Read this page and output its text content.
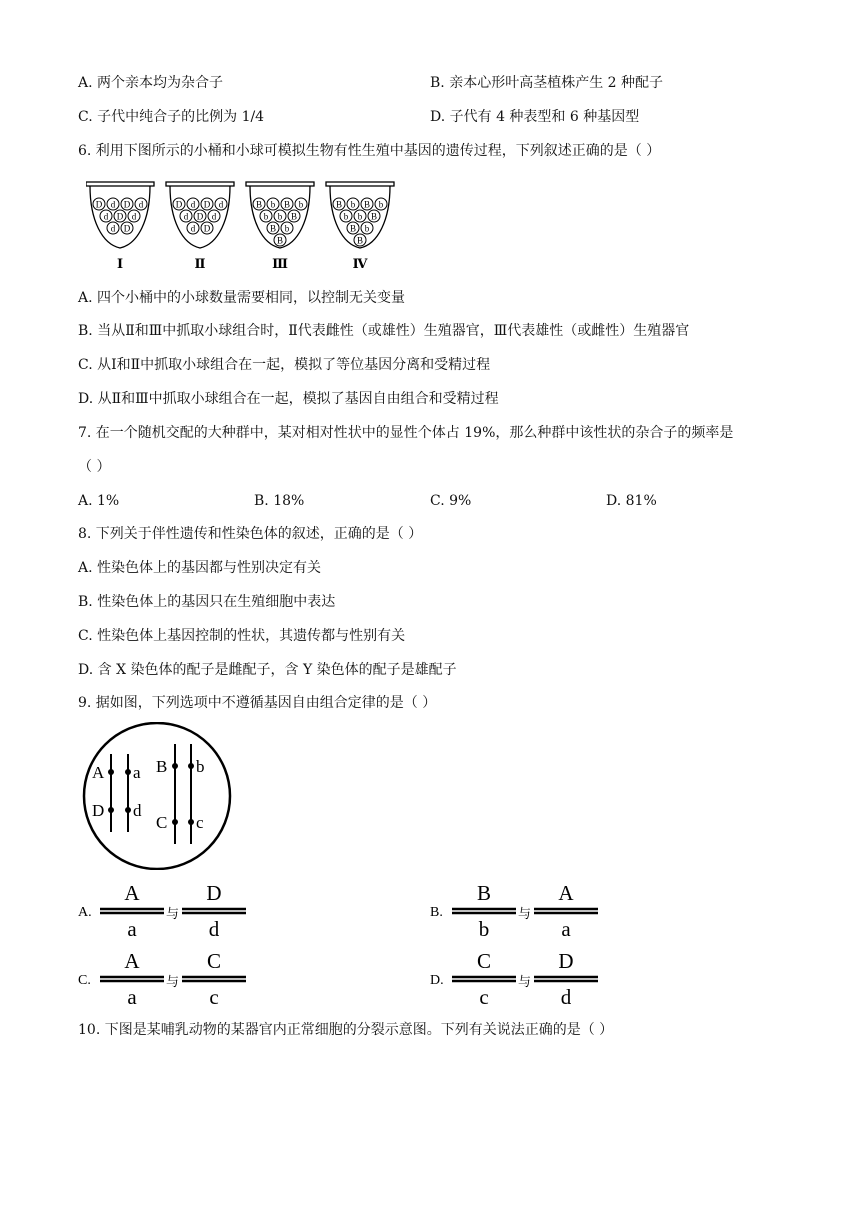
A. 两个亲本均为杂合子	B. 亲本心形叶高茎植株产生 2 种配子
C. 子代中纯合子的比例为 1/4	D. 子代有 4 种表型和 6 种基因型
6. 利用下图所示的小桶和小球可模拟生物有性生殖中基因的遗传过程，下列叙述正确的是（ ）
D d D d
d D d
d D
Ⅰ
D d D d
d D d
d D
Ⅱ
B b B b
b b B
B b
B
Ⅲ
B b B b
b b B
B b
B
Ⅳ
A. 四个小桶中的小球数量需要相同，以控制无关变量
B. 当从Ⅱ和Ⅲ中抓取小球组合时，Ⅱ代表雌性（或雄性）生殖器官，Ⅲ代表雄性（或雌性）生殖器官
C. 从Ⅰ和Ⅱ中抓取小球组合在一起，模拟了等位基因分离和受精过程
D. 从Ⅱ和Ⅲ中抓取小球组合在一起，模拟了基因自由组合和受精过程
7. 在一个随机交配的大种群中，某对相对性状中的显性个体占 19%，那么种群中该性状的杂合子的频率是
（ ）
A. 1%	B. 18%	C. 9%	D. 81%
8. 下列关于伴性遗传和性染色体的叙述，正确的是（ ）
A. 性染色体上的基因都与性别决定有关
B. 性染色体上的基因只在生殖细胞中表达
C. 性染色体上基因控制的性状，其遗传都与性别有关
D. 含 X 染色体的配子是雌配子，含 Y 染色体的配子是雄配子
9. 据如图，下列选项中不遵循基因自由组合定律的是（ ）
A a
D d
B b
C c
A.
A
a
与
D
d
B.
B
b
与
A
a
C.
A
a
与
C
c
D.
C
c
与
D
d
10. 下图是某哺乳动物的某器官内正常细胞的分裂示意图。下列有关说法正确的是（ ）
